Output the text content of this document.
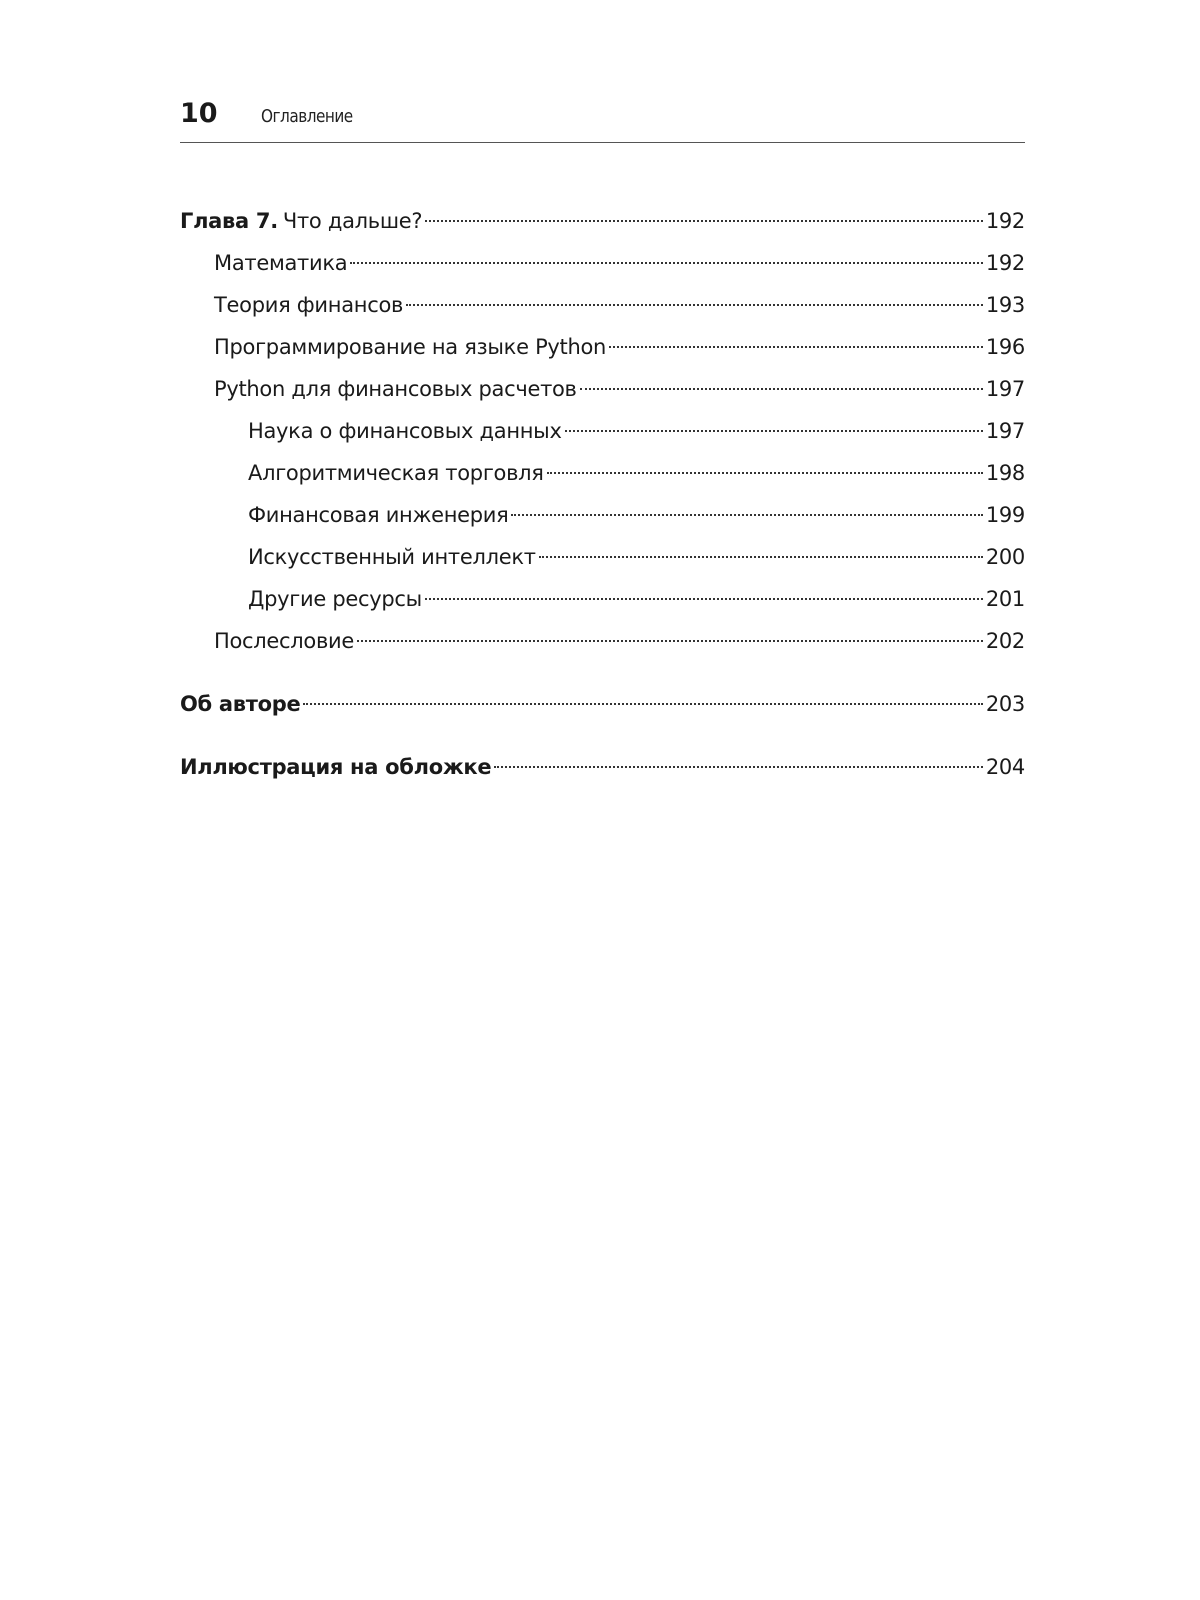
10 Оглавление
Глава 7. Что дальше?	192
Математика	192
Теория финансов	193
Программирование на языке Python	196
Python для финансовых расчетов	197
Наука о финансовых данных	197
Алгоритмическая торговля	198
Финансовая инженерия	199
Искусственный интеллект	200
Другие ресурсы	201
Послесловие	202
Об авторе	203
Иллюстрация на обложке	204
